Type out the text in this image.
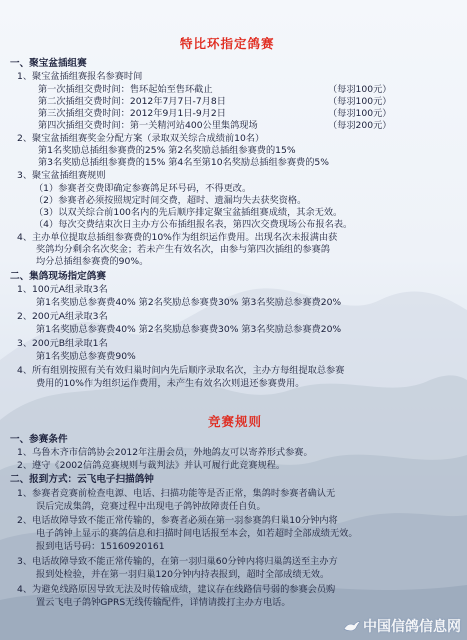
特比环指定鸽赛
一、聚宝盆插组赛
1、聚宝盆插组赛报名参赛时间
第一次插组交费时间：售环起始至售环截止	（每羽100元）
第二次插组交费时间：2012年7月7日-7月8日	（每羽100元）
第三次插组交费时间：2012年9月1日-9月2日	（每羽100元）
第四次插组交费时间：第一关精河站400公里集鸽现场	（每羽200元）
2、聚宝盆插组赛奖金分配方案（录取双关综合成绩前10名）
第1名奖励总插组参赛费的25% 第2名奖励总插组参赛费的15%
第3名奖励总插组参赛费的15% 第4名至第10名奖励总插组参赛费的5%
3、聚宝盆插组赛规则
（1）参赛者交费即确定参赛鸽足环号码，不得更改。
（2）参赛者必须按照规定时间交费，超时、遗漏均失去获奖资格。
（3）以双关综合前100名内的先后顺序排定聚宝盆插组赛成绩，其余无效。
（4）每次交费结束次日主办方公布插组报名表，第四次交费现场公布报名表。
4、主办单位提取总插组参赛费的10%作为组织运作费用。出现名次未报满由获
奖鸽均分剩余名次奖金；若未产生有效名次，由参与第四次插组的参赛鸽
均分总插组参赛费的90%。
二、集鸽现场指定鸽赛
1、100元A组录取3名
第1名奖励总参赛费40% 第2名奖励总参赛费30% 第3名奖励总参赛费20%
2、200元A组录取3名
第1名奖励总参赛费40% 第2名奖励总参赛费30% 第3名奖励总参赛费20%
3、200元B组录取1名
第1名奖励总参赛费90%
4、所有组别按照有关有效归巢时间内先后顺序录取名次，主办方每组提取总参赛
费用的10%作为组织运作费用，未产生有效名次则退还参赛费用。
竞赛规则
一、参赛条件
1、乌鲁木齐市信鸽协会2012年注册会员，外地鸽友可以寄养形式参赛。
2、遵守《2002信鸽竞赛规则与裁判法》并认可履行此竞赛规程。
二、报到方式：云飞电子扫描鸽钟
1、参赛者竞赛前检查电源、电话、扫描功能等是否正常，集鸽时参赛者确认无
误后完成集鸽，竞赛过程中出现电子鸽钟故障责任自负。
2、电话故障导致不能正常传输的，参赛者必须在第一羽参赛鸽归巢10分钟内将
电子鸽钟上显示的赛鸽信息和扫描时间电话报至本会，如若超时全部成绩无效。
报到电话号码：15160920161
3、电话故障导致不能正常传输的，在第一羽归巢60分钟内将归巢鸽送至主办方
报到处检验，并在第一羽归巢120分钟内持表报到，超时全部成绩无效。
4、为避免线路原因导致无法及时传输成绩，建议存在线路信号弱的参赛会员购
置云飞电子鸽钟GPRS无线传输配件，详情请拨打主办方电话。
中国信鸽信息网
